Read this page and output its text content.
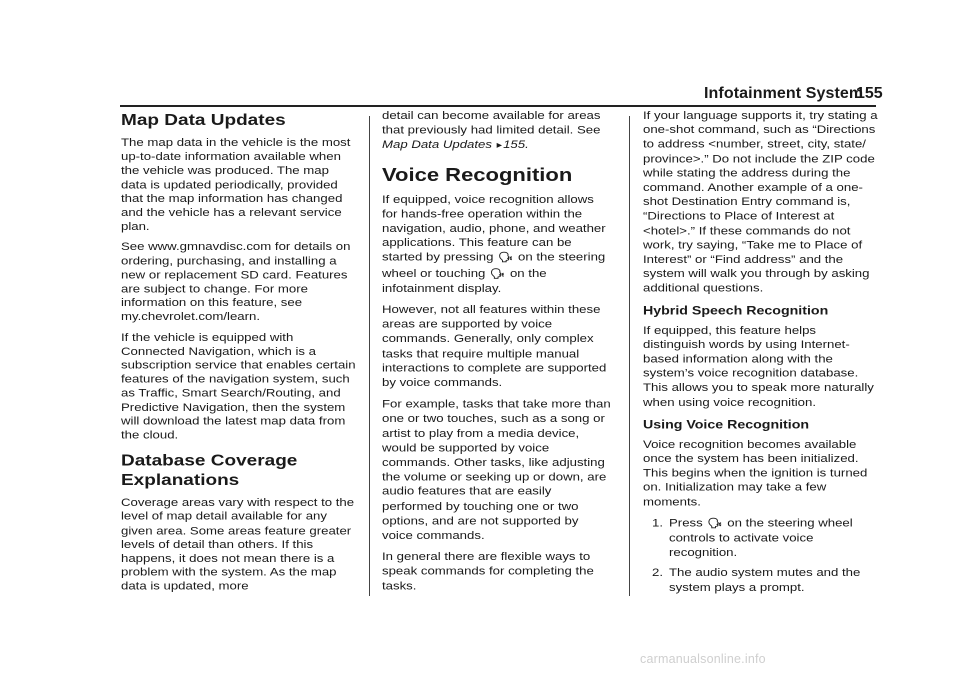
Infotainment System
155
Map Data Updates

The map data in the vehicle is the most up-to-date information available when the vehicle was produced. The map data is updated periodically, provided that the map information has changed and the vehicle has a relevant service plan.

See www.gmnavdisc.com for details on ordering, purchasing, and installing a new or replacement SD card. Features are subject to change. For more information on this feature, see my.chevrolet.com/learn.

If the vehicle is equipped with Connected Navigation, which is a subscription service that enables certain features of the navigation system, such as Traffic, Smart Search/Routing, and Predictive Navigation, then the system will download the latest map data from the cloud.

Database Coverage Explanations

Coverage areas vary with respect to the level of map detail available for any given area. Some areas feature greater levels of detail than others. If this happens, it does not mean there is a problem with the system. As the map data is updated, more

detail can become available for areas that previously had limited detail. See Map Data Updates ▸155.

Voice Recognition

If equipped, voice recognition allows for hands-free operation within the navigation, audio, phone, and weather applications. This feature can be started by pressing 🗣 on the steering wheel or touching 🗣 on the infotainment display.

However, not all features within these areas are supported by voice commands. Generally, only complex tasks that require multiple manual interactions to complete are supported by voice commands.

For example, tasks that take more than one or two touches, such as a song or artist to play from a media device, would be supported by voice commands. Other tasks, like adjusting the volume or seeking up or down, are audio features that are easily performed by touching one or two options, and are not supported by voice commands.

In general there are flexible ways to speak commands for completing the tasks.

If your language supports it, try stating a one-shot command, such as “Directions to address <number, street, city, state/ province>.” Do not include the ZIP code while stating the address during the command. Another example of a one-shot Destination Entry command is, “Directions to Place of Interest at <hotel>.” If these commands do not work, try saying, “Take me to Place of Interest” or “Find address” and the system will walk you through by asking additional questions.

Hybrid Speech Recognition

If equipped, this feature helps distinguish words by using Internet-based information along with the system’s voice recognition database. This allows you to speak more naturally when using voice recognition.

Using Voice Recognition

Voice recognition becomes available once the system has been initialized. This begins when the ignition is turned on. Initialization may take a few moments.

1. Press 🗣 on the steering wheel controls to activate voice recognition.
2. The audio system mutes and the system plays a prompt.
carmanualsonline.info
